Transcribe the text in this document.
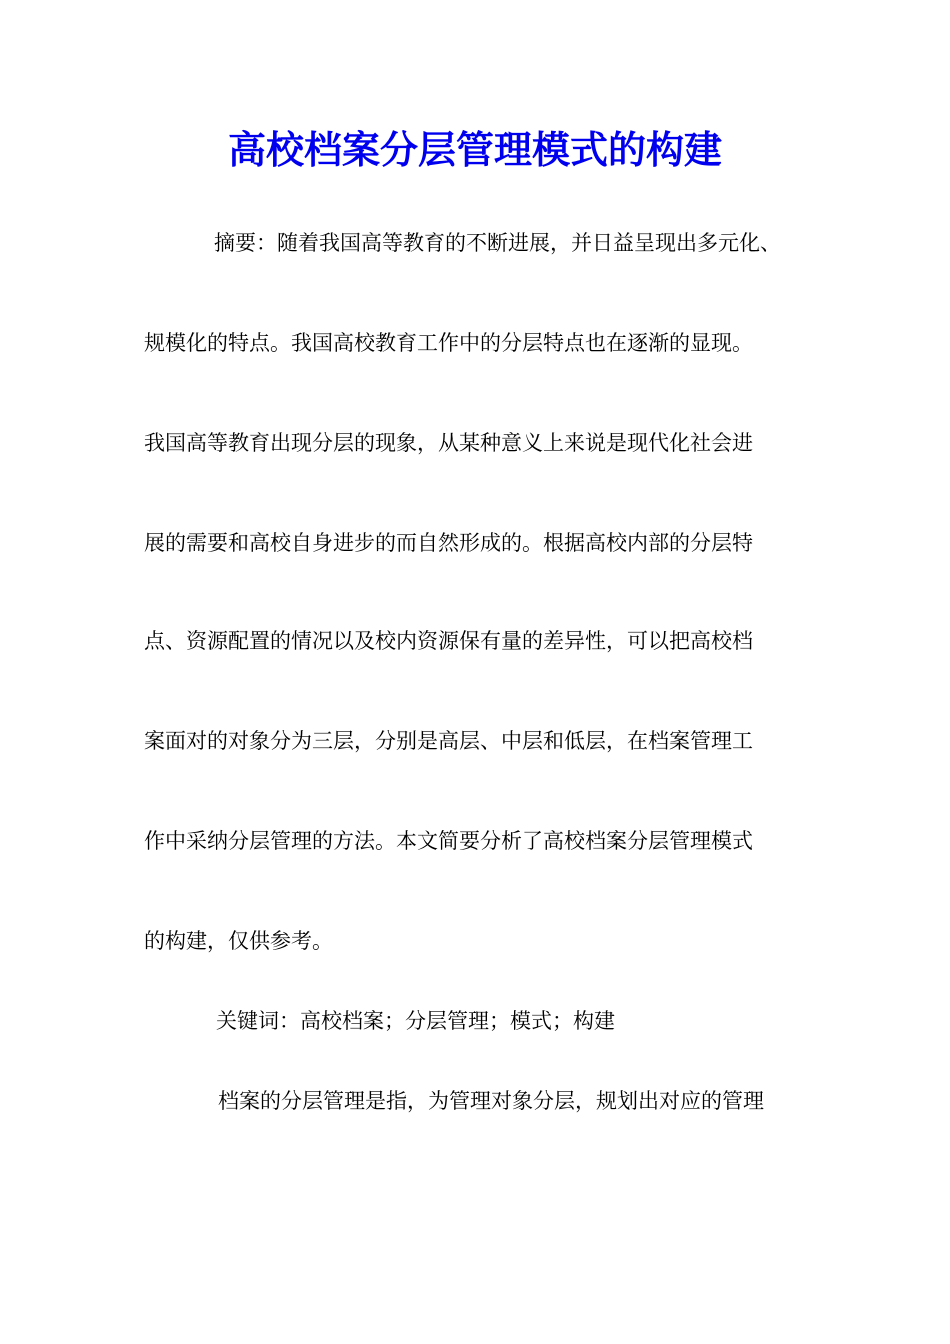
高校档案分层管理模式的构建
摘要：随着我国高等教育的不断进展，并日益呈现出多元化、
规模化的特点。我国高校教育工作中的分层特点也在逐渐的显现。
我国高等教育出现分层的现象，从某种意义上来说是现代化社会进
展的需要和高校自身进步的而自然形成的。根据高校内部的分层特
点、资源配置的情况以及校内资源保有量的差异性，可以把高校档
案面对的对象分为三层，分别是高层、中层和低层，在档案管理工
作中采纳分层管理的方法。本文简要分析了高校档案分层管理模式
的构建，仅供参考。
关键词：高校档案；分层管理；模式；构建
档案的分层管理是指，为管理对象分层，规划出对应的管理
